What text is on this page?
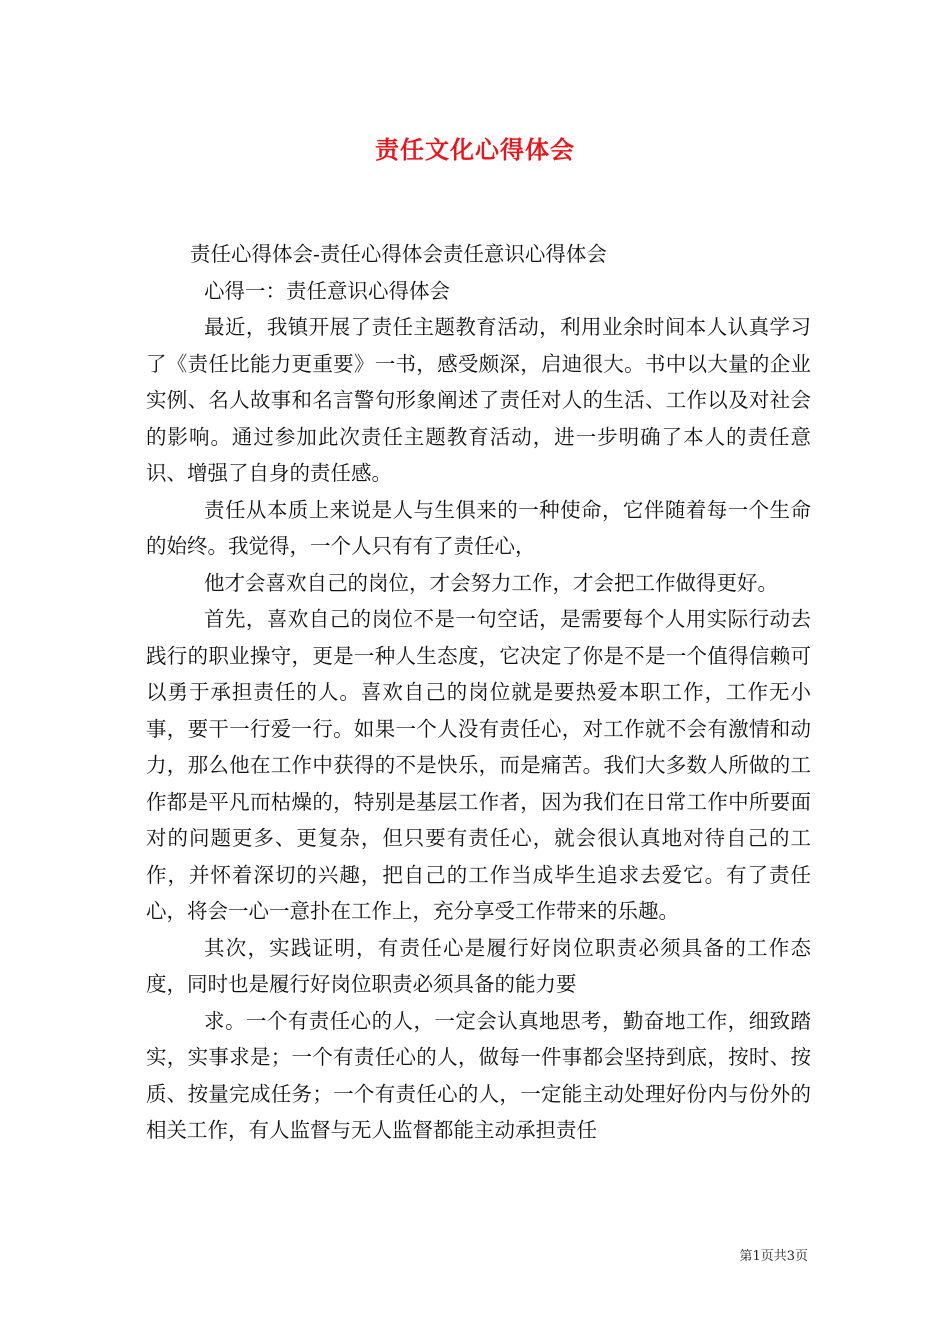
责任文化心得体会

责任心得体会-责任心得体会责任意识心得体会

心得一：责任意识心得体会

最近，我镇开展了责任主题教育活动，利用业余时间本人认真学习了《责任比能力更重要》一书，感受颇深，启迪很大。书中以大量的企业实例、名人故事和名言警句形象阐述了责任对人的生活、工作以及对社会的影响。通过参加此次责任主题教育活动，进一步明确了本人的责任意识、增强了自身的责任感。

责任从本质上来说是人与生俱来的一种使命，它伴随着每一个生命的始终。我觉得，一个人只有有了责任心，

他才会喜欢自己的岗位，才会努力工作，才会把工作做得更好。

首先，喜欢自己的岗位不是一句空话，是需要每个人用实际行动去践行的职业操守，更是一种人生态度，它决定了你是不是一个值得信赖可以勇于承担责任的人。喜欢自己的岗位就是要热爱本职工作，工作无小事，要干一行爱一行。如果一个人没有责任心，对工作就不会有激情和动力，那么他在工作中获得的不是快乐，而是痛苦。我们大多数人所做的工作都是平凡而枯燥的，特别是基层工作者，因为我们在日常工作中所要面对的问题更多、更复杂，但只要有责任心，就会很认真地对待自己的工作，并怀着深切的兴趣，把自己的工作当成毕生追求去爱它。有了责任心，将会一心一意扑在工作上，充分享受工作带来的乐趣。

其次，实践证明，有责任心是履行好岗位职责必须具备的工作态度，同时也是履行好岗位职责必须具备的能力要

求。一个有责任心的人，一定会认真地思考，勤奋地工作，细致踏实，实事求是；一个有责任心的人，做每一件事都会坚持到底，按时、按质、按量完成任务；一个有责任心的人，一定能主动处理好份内与份外的相关工作，有人监督与无人监督都能主动承担责任

第1页共3页
